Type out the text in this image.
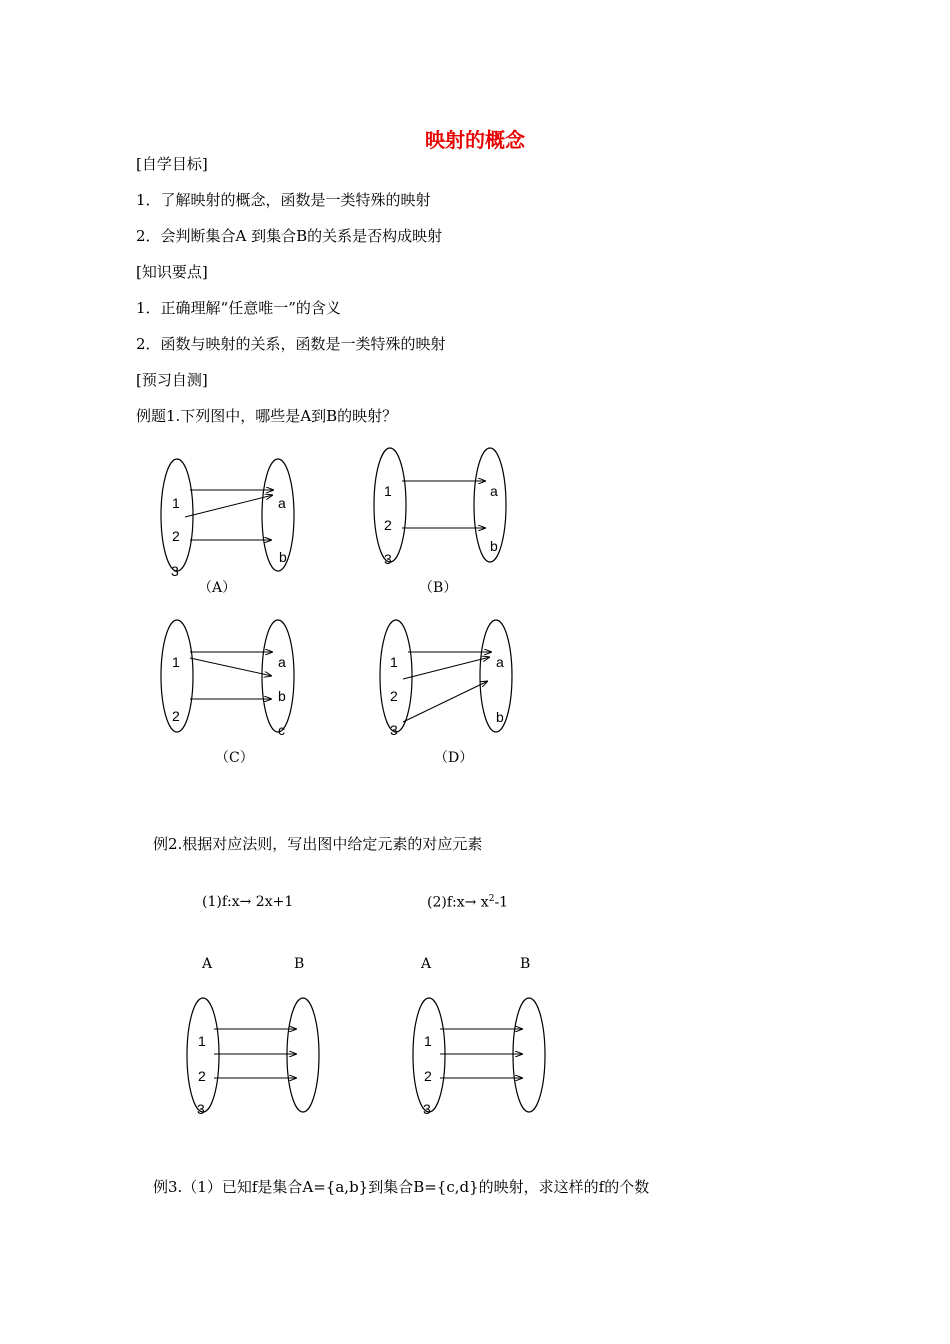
映射的概念
[自学目标]
1．了解映射的概念，函数是一类特殊的映射
2．会判断集合A 到集合B的关系是否构成映射
[知识要点]
1．正确理解“任意唯一”的含义
2．函数与映射的关系，函数是一类特殊的映射
[预习自测]
例题1.下列图中，哪些是A到B的映射？
1
2
3
a
b
1
2
3
a
b
1
2
a
b
c
1
2
3
a
b
1
2
3
1
2
3
（A）	（B）
（C）	（D）
例2.根据对应法则，写出图中给定元素的对应元素
(1)f:x→ 2x+1	(2)f:x→ $x^2-1$
A	B	A	B
例3.（1）已知f是集合A={a,b}到集合B={c,d}的映射，求这样的f的个数
